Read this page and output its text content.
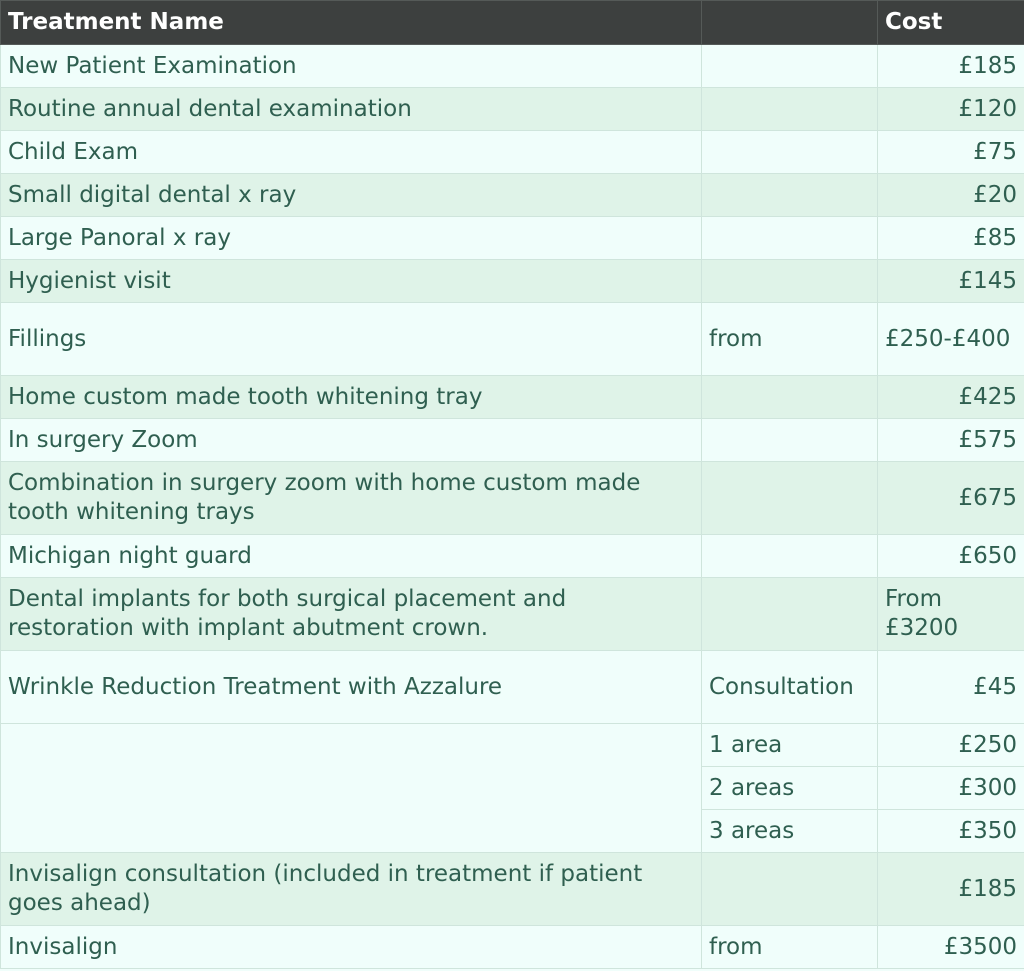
Treatment Name		Cost
New Patient Examination		£185
Routine annual dental examination		£120
Child Exam		£75
Small digital dental x ray		£20
Large Panoral x ray		£85
Hygienist visit		£145
Fillings	from	£250-£400
Home custom made tooth whitening tray		£425
In surgery Zoom		£575
Combination in surgery zoom with home custom made tooth whitening trays		£675
Michigan night guard		£650
Dental implants for both surgical placement and restoration with implant abutment crown.		From £3200
Wrinkle Reduction Treatment with Azzalure	Consultation	£45
	1 area	£250
	2 areas	£300
	3 areas	£350
Invisalign consultation (included in treatment if patient goes ahead)		£185
Invisalign	from	£3500
